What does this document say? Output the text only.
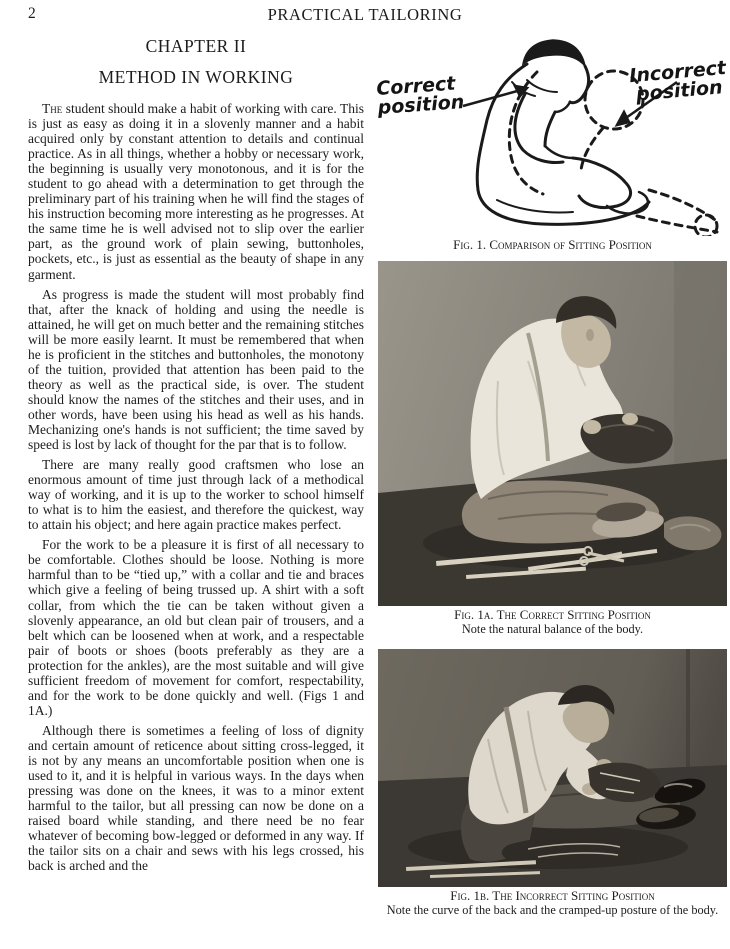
2	PRACTICAL TAILORING
CHAPTER II
METHOD IN WORKING

The student should make a habit of working with care. This is just as easy as doing it in a slovenly manner and a habit acquired only by constant attention to details and continual practice. As in all things, whether a hobby or necessary work, the beginning is usually very monotonous, and it is for the student to go ahead with a determination to get through the preliminary part of his training when he will find the stages of his instruction becoming more interesting as he progresses. At the same time he is well advised not to slip over the earlier part, as the ground work of plain sewing, buttonholes, pockets, etc., is just as essential as the beauty of shape in any garment.

As progress is made the student will most probably find that, after the knack of holding and using the needle is attained, he will get on much better and the remaining stitches will be more easily learnt. It must be remembered that when he is proficient in the stitches and buttonholes, the monotony of the tuition, provided that attention has been paid to the theory as well as the practical side, is over. The student should know the names of the stitches and their uses, and in other words, have been using his head as well as his hands. Mechanizing one's hands is not sufficient; the time saved by speed is lost by lack of thought for the par that is to follow.

There are many really good craftsmen who lose an enormous amount of time just through lack of a methodical way of working, and it is up to the worker to school himself to what is to him the easiest, and therefore the quickest, way to attain his object; and here again practice makes perfect.

For the work to be a pleasure it is first of all necessary to be comfortable. Clothes should be loose. Nothing is more harmful than to be “tied up,” with a collar and tie and braces which give a feeling of being trussed up. A shirt with a soft collar, from which the tie can be taken without given a slovenly appearance, an old but clean pair of trousers, and a belt which can be loosened when at work, and a respectable pair of boots or shoes (boots preferably as they are a protection for the ankles), are the most suitable and will give sufficient freedom of movement for comfort, respectability, and for the work to be done quickly and well. (Figs 1 and 1A.)

Although there is sometimes a feeling of loss of dignity and certain amount of reticence about sitting cross-legged, it is not by any means an uncomfortable position when one is used to it, and it is helpful in various ways. In the days when pressing was done on the knees, it was to a minor extent harmful to the tailor, but all pressing can now be done on a raised board while standing, and there need be no fear whatever of becoming bow-legged or deformed in any way. If the tailor sits on a chair and sews with his legs crossed, his back is arched and the

Correct
position
Incorrect
position
Fig. 1. Comparison of Sitting Position
Fig. 1a. The Correct Sitting Position
Note the natural balance of the body.
Fig. 1b. The Incorrect Sitting Position
Note the curve of the back and the cramped-up posture of the body.
